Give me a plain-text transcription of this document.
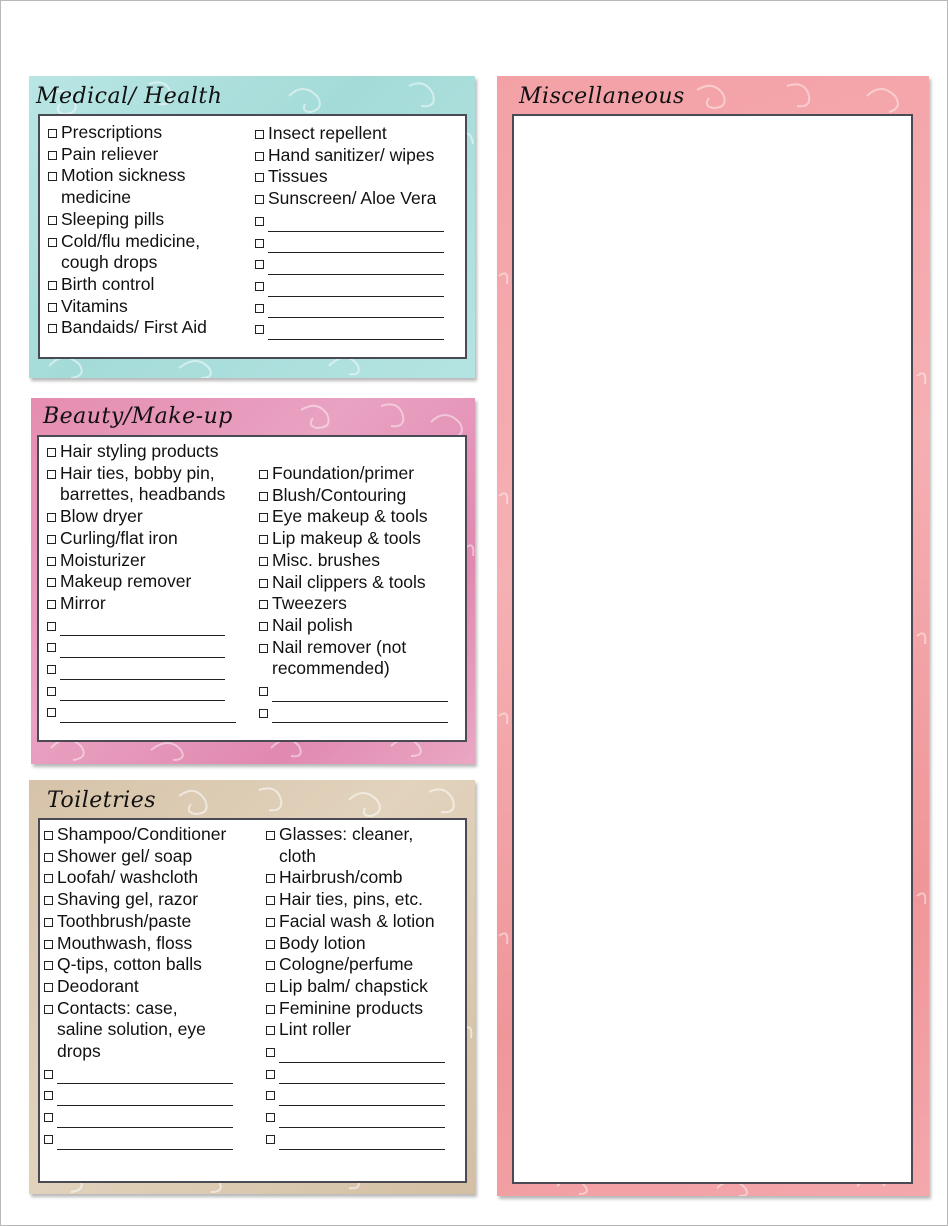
Medical/ Health
Prescriptions
Pain reliever
Motion sickness
medicine
Sleeping pills
Cold/flu medicine,
cough drops
Birth control
Vitamins
Bandaids/ First Aid
Insect repellent
Hand sanitizer/ wipes
Tissues
Sunscreen/ Aloe Vera
Beauty/Make-up
Hair styling products
Hair ties, bobby pin,
barrettes, headbands
Blow dryer
Curling/flat iron
Moisturizer
Makeup remover
Mirror
Foundation/primer
Blush/Contouring
Eye makeup & tools
Lip makeup & tools
Misc. brushes
Nail clippers & tools
Tweezers
Nail polish
Nail remover (not
recommended)
Toiletries
Shampoo/Conditioner
Shower gel/ soap
Loofah/ washcloth
Shaving gel, razor
Toothbrush/paste
Mouthwash, floss
Q-tips, cotton balls
Deodorant
Contacts: case,
saline solution, eye
drops
Glasses: cleaner,
cloth
Hairbrush/comb
Hair ties, pins, etc.
Facial wash & lotion
Body lotion
Cologne/perfume
Lip balm/ chapstick
Feminine products
Lint roller
Miscellaneous
